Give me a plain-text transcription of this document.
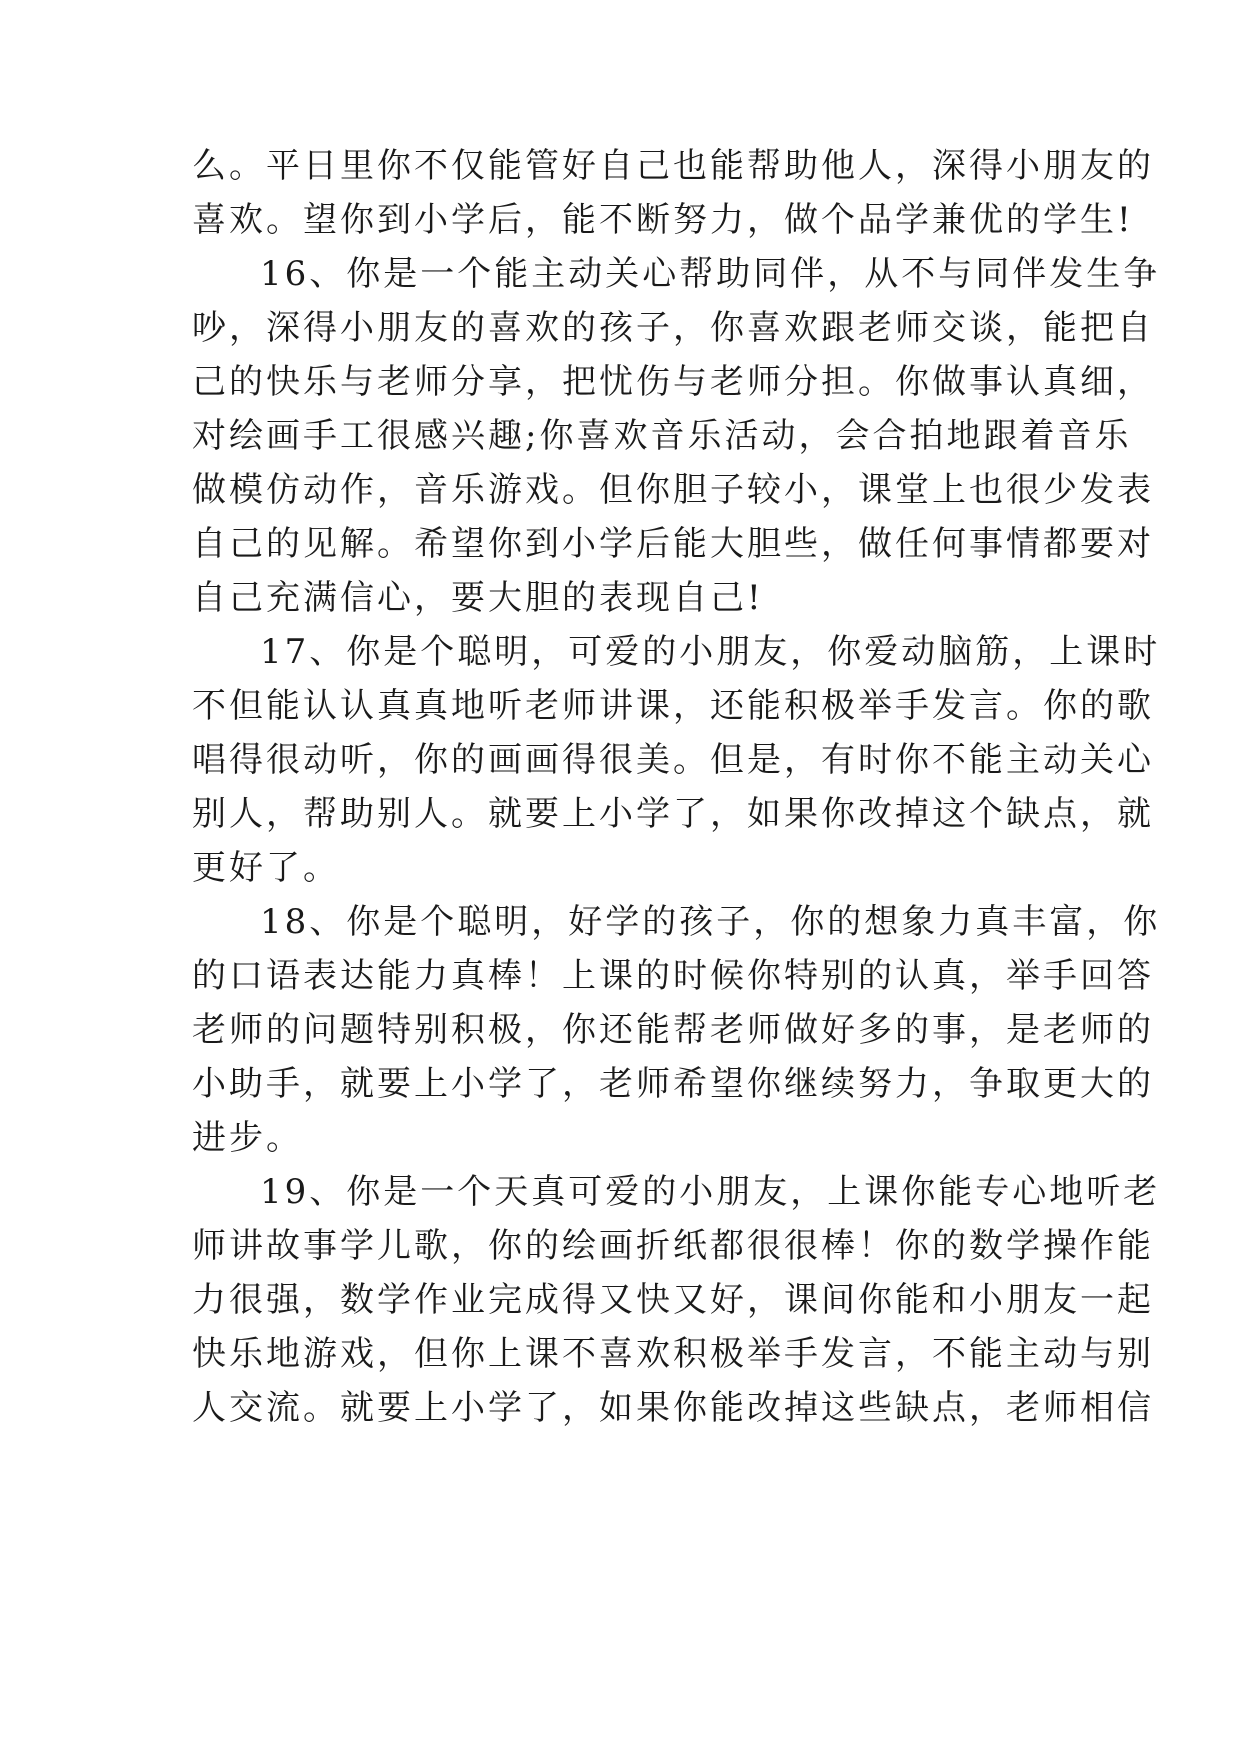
么。平日里你不仅能管好自己也能帮助他人，深得小朋友的
喜欢。望你到小学后，能不断努力，做个品学兼优的学生!
16、你是一个能主动关心帮助同伴，从不与同伴发生争
吵，深得小朋友的喜欢的孩子，你喜欢跟老师交谈，能把自
己的快乐与老师分享，把忧伤与老师分担。你做事认真细，
对绘画手工很感兴趣;你喜欢音乐活动，会合拍地跟着音乐
做模仿动作，音乐游戏。但你胆子较小，课堂上也很少发表
自己的见解。希望你到小学后能大胆些，做任何事情都要对
自己充满信心，要大胆的表现自己!
17、你是个聪明，可爱的小朋友，你爱动脑筋，上课时
不但能认认真真地听老师讲课，还能积极举手发言。你的歌
唱得很动听，你的画画得很美。但是，有时你不能主动关心
别人，帮助别人。就要上小学了，如果你改掉这个缺点，就
更好了。
18、你是个聪明，好学的孩子，你的想象力真丰富，你
的口语表达能力真棒！上课的时候你特别的认真，举手回答
老师的问题特别积极，你还能帮老师做好多的事，是老师的
小助手，就要上小学了，老师希望你继续努力，争取更大的
进步。
19、你是一个天真可爱的小朋友，上课你能专心地听老
师讲故事学儿歌，你的绘画折纸都很很棒！你的数学操作能
力很强，数学作业完成得又快又好，课间你能和小朋友一起
快乐地游戏，但你上课不喜欢积极举手发言，不能主动与别
人交流。就要上小学了，如果你能改掉这些缺点，老师相信
